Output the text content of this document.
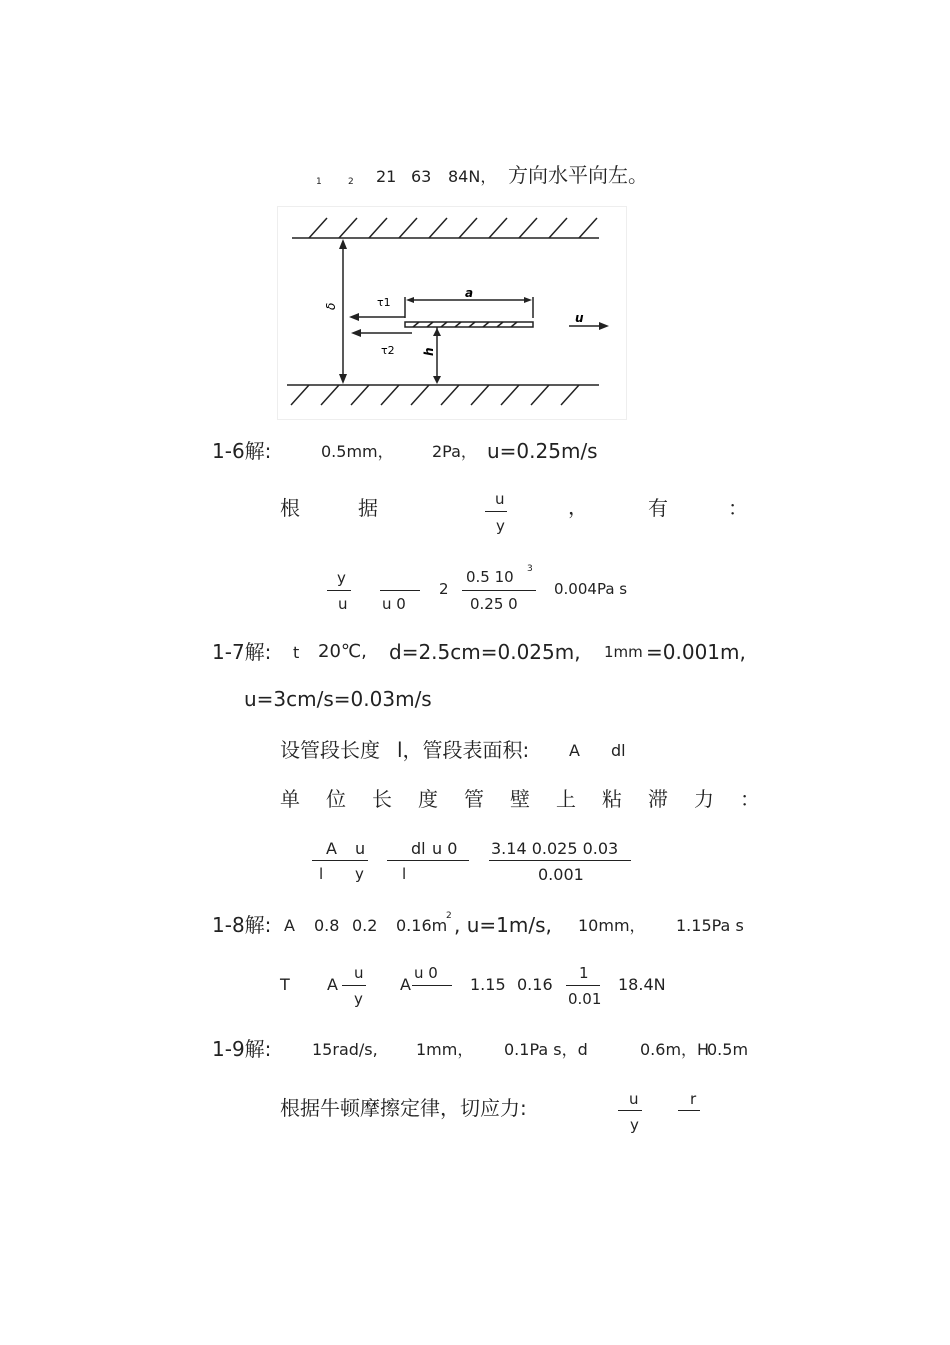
1	2 21 63 84N， 方向水平向左。
δ	τ1
τ2
a
u
h
1-6解:	0.5mm， 2Pa， u=0.25m/s
根	据	u
y
，	有	：
y
u u 0
2
0.5 10 3
0.25 0
0.004Pa s
1-7解: t 20℃, d=2.5cm=0.025m, 1mm =0.001m,
u=3cm/s=0.03m/s
设管段长度 l，管段表面积: A dl
单位长度管壁上粘滞力：
A u
l y
dl u 0
l
3.14 0.025 0.03
0.001
1-8解: A 0.8 0.2 0.16m
2 , u=1m/s, 10mm， 1.15Pa s
T A
u
y
A
u 0
1.15 0.16
1
0.01
18.4N
1-9解:	15rad/s, 1mm， 0.1Pa s，d	0.6m，H
0.5m
根据牛顿摩擦定律，切应力:	u
y
r
